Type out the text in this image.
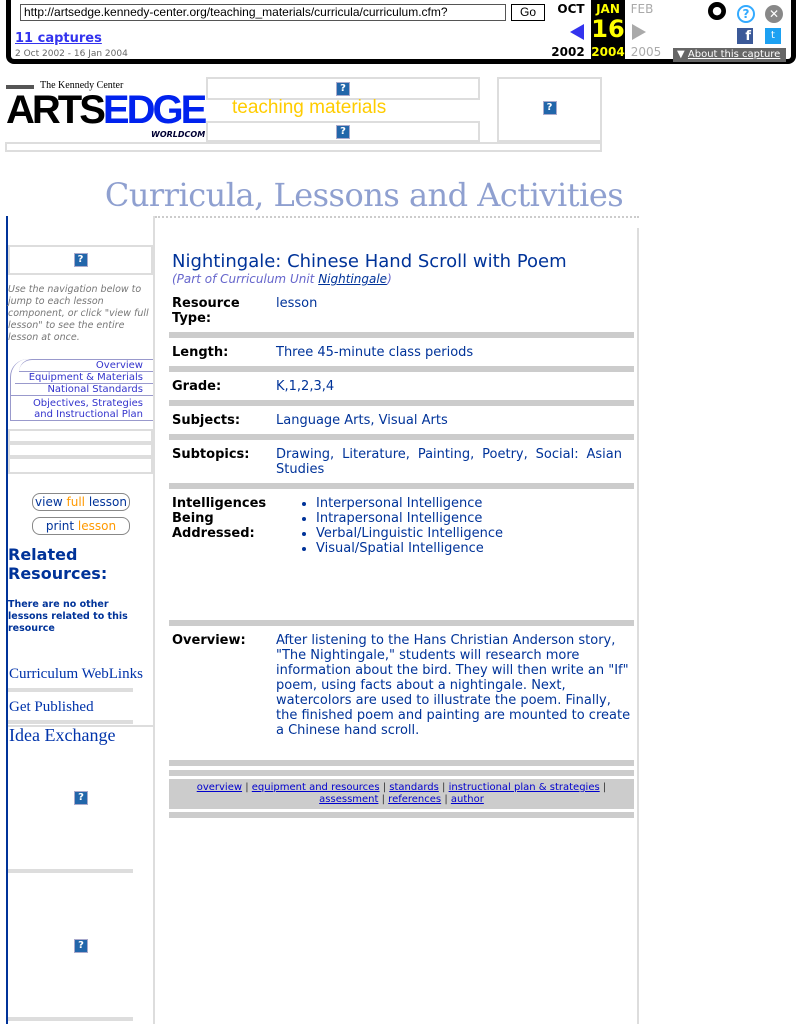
http://artsedge.kennedy-center.org/teaching_materials/curricula/curriculum.cfm?	Go
11 captures
2 Oct 2002 - 16 Jan 2004
OCT
2002
JAN
16
2004
FEB
2005
●	?	✕
f	t
▼ About this capture
The Kennedy Center
ARTSEDGE
WORLDCOM
?
teaching materials
?
?
Curricula, Lessons and Activities
?
Use the navigation below to jump to each lesson component, or click "view full lesson" to see the entire lesson at once.
Overview
Equipment & Materials
National Standards
Objectives, Strategies and Instructional Plan
view full lesson
print lesson
Related Resources:
There are no other lessons related to this resource
Curriculum WebLinks
Get Published
Idea Exchange
?
?
Nightingale: Chinese Hand Scroll with Poem
(Part of Curriculum Unit Nightingale)
Resource Type:
lesson
Length:	Three 45-minute class periods
Grade:	K,1,2,3,4
Subjects:	Language Arts, Visual Arts
Subtopics: Drawing, Literature, Painting, Poetry, Social: Asian Studies
Intelligences Being Addressed:
• Interpersonal Intelligence
• Intrapersonal Intelligence
• Verbal/Linguistic Intelligence
• Visual/Spatial Intelligence
Overview: After listening to the Hans Christian Anderson story, "The Nightingale," students will research more information about the bird. They will then write an "If" poem, using facts about a nightingale. Next, watercolors are used to illustrate the poem. Finally, the finished poem and painting are mounted to create a Chinese hand scroll.
overview | equipment and resources | standards | instructional plan & strategies |
assessment | references | author
